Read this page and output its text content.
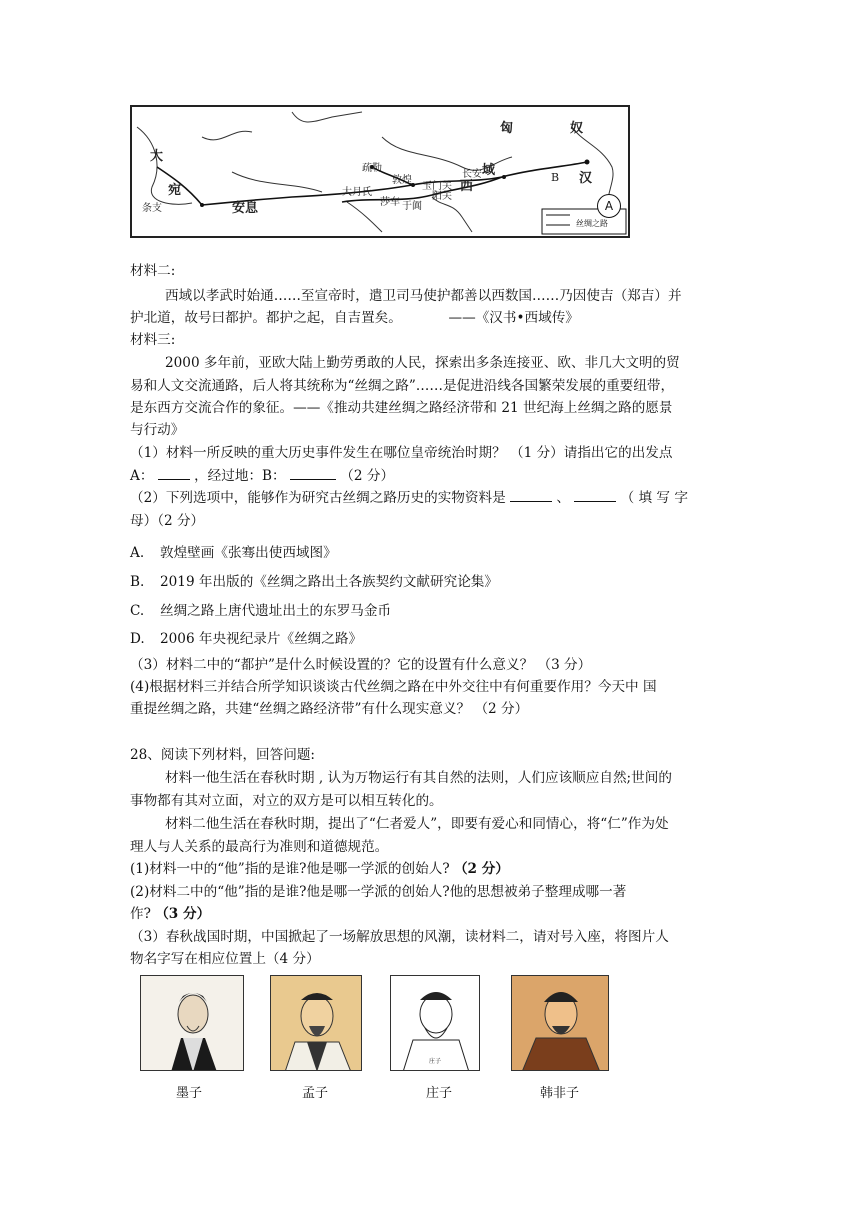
匈	奴
大
宛
长安
敦煌
大月氏
疏勒
于阗
莎车
汉
玉门关
阳关
安息
条支
西
域	B
A
丝绸之路
材料二:
西域以孝武时始通……至宣帝时，遣卫司马使护都善以西数国……乃因使吉（郑吉）并
护北道，故号曰都护。都护之起，自吉置矣。	——《汉书•西域传》
材料三:
2000 多年前，亚欧大陆上勤劳勇敢的人民，探索出多条连接亚、欧、非几大文明的贸
易和人文交流通路，后人将其统称为“丝绸之路”……是促进沿线各国繁荣发展的重要纽带，
是东西方交流合作的象征。——《推动共建丝绸之路经济带和 21 世纪海上丝绸之路的愿景
与行动》
（1）材料一所反映的重大历史事件发生在哪位皇帝统治时期？ （1 分）请指出它的出发点
A：	，经过地：B：	（2 分）
（2）下列选项中，能够作为研究古丝绸之路历史的实物资料是	、	（ 填 写 字
母）（2 分）
A. 敦煌壁画《张骞出使西域图》
B. 2019 年出版的《丝绸之路出土各族契约文献研究论集》
C. 丝绸之路上唐代遗址出土的东罗马金币
D. 2006 年央视纪录片《丝绸之路》
（3）材料二中的“都护”是什么时候设置的？它的设置有什么意义？ （3 分）
(4)根据材料三并结合所学知识谈谈古代丝绸之路在中外交往中有何重要作用？今天中 国
重提丝绸之路，共建“丝绸之路经济带”有什么现实意义？ （2 分）
28、阅读下列材料，回答问题:
材料一他生活在春秋时期 , 认为万物运行有其自然的法则，人们应该顺应自然;世间的
事物都有其对立面，对立的双方是可以相互转化的。
材料二他生活在春秋时期，提出了“仁者爱人”，即要有爱心和同情心，将“仁”作为处
理人与人关系的最高行为准则和道德规范。
(1)材料一中的“他”指的是谁?他是哪一学派的创始人? （2 分）
(2)材料二中的“他”指的是谁?他是哪一学派的创始人?他的思想被弟子整理成哪一著
作? （3 分）
（3）春秋战国时期，中国掀起了一场解放思想的风潮，读材料二，请对号入座，将图片人
物名字写在相应位置上（4 分）
庄子
墨子	孟子	庄子	韩非子
